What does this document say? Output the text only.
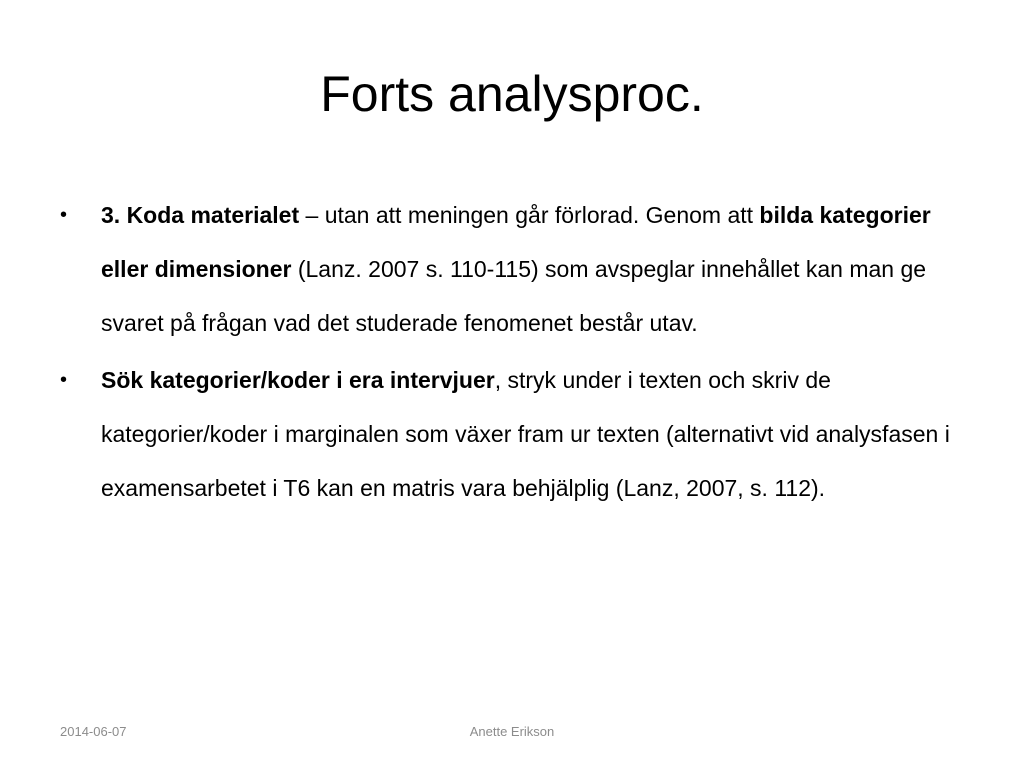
Forts analysproc.

• 3. Koda materialet – utan att meningen går förlorad. Genom att bilda kategorier eller dimensioner (Lanz. 2007 s. 110-115) som avspeglar innehållet kan man ge svaret på frågan vad det studerade fenomenet består utav.

• Sök kategorier/koder i era intervjuer, stryk under i texten och skriv de kategorier/koder i marginalen som växer fram ur texten (alternativt vid analysfasen i examensarbetet i T6 kan en matris vara behjälplig (Lanz, 2007, s. 112).

2014-06-07	Anette Erikson
